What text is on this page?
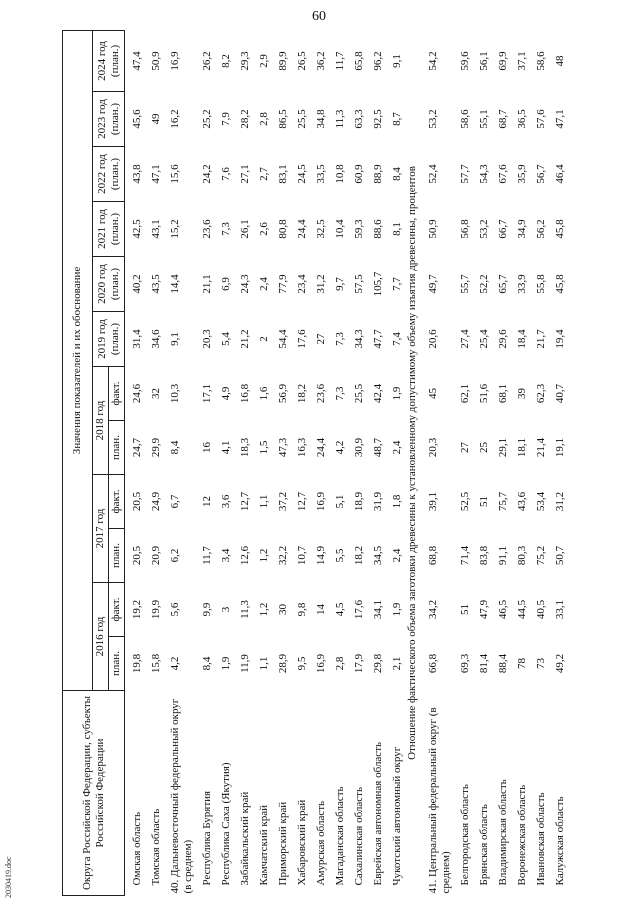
60
2030419.doc	Округа Российской Федерации, субъекты Российской Федерации	Значения показателей и их обоснование											
	2016 год		2017 год		2018 год		2019 год (план.)	2020 год (план.)	2021 год (план.)	2022 год (план.)	2023 год (план.)	2024 год (план.)
	план.	факт.	план.	факт.	план.	факт.						
Омская область	19,8	19,2	20,5	20,5	24,7	24,6	31,4	40,2	42,5	43,8	45,6	47,4
Томская область	15,8	19,9	20,9	24,9	29,9	32	34,6	43,5	43,1	47,1	49	50,9
40. Дальневосточный федеральный округ (в среднем)	4,2	5,6	6,2	6,7	8,4	10,3	9,1	14,4	15,2	15,6	16,2	16,9
Республика Бурятия	8,4	9,9	11,7	12	16	17,1	20,3	21,1	23,6	24,2	25,2	26,2
Республика Саха (Якутия)	1,9	3	3,4	3,6	4,1	4,9	5,4	6,9	7,3	7,6	7,9	8,2
Забайкальский край	11,9	11,3	12,6	12,7	18,3	16,8	21,2	24,3	26,1	27,1	28,2	29,3
Камчатский край	1,1	1,2	1,2	1,1	1,5	1,6	2	2,4	2,6	2,7	2,8	2,9
Приморский край	28,9	30	32,2	37,2	47,3	56,9	54,4	77,9	80,8	83,1	86,5	89,9
Хабаровский край	9,5	9,8	10,7	12,7	16,3	18,2	17,6	23,4	24,4	24,5	25,5	26,5
Амурская область	16,9	14	14,9	16,9	24,4	23,6	27	31,2	32,5	33,5	34,8	36,2
Магаданская область	2,8	4,5	5,5	5,1	4,2	7,3	7,3	9,7	10,4	10,8	11,3	11,7
Сахалинская область	17,9	17,6	18,2	18,9	30,9	25,5	34,3	57,5	59,3	60,9	63,3	65,8
Еврейская автономная область	29,8	34,1	34,5	31,9	48,7	42,4	47,7	105,7	88,6	88,9	92,5	96,2
Чукотский автономный округ	2,1	1,9	2,4	1,8	2,4	1,9	7,4	7,7	8,1	8,4	8,7	9,1
Отношение фактического объема заготовки древесины к установленному допустимому объему изъятия древесины, процентов												
41. Центральный федеральный округ (в среднем)	66,8	34,2	68,8	39,1	20,3	45	20,6	49,7	50,9	52,4	53,2	54,2
Белгородская область	69,3	51	71,4	52,5	27	62,1	27,4	55,7	56,8	57,7	58,6	59,6
Брянская область	81,4	47,9	83,8	51	25	51,6	25,4	52,2	53,2	54,3	55,1	56,1
Владимирская область	88,4	46,5	91,1	75,7	29,1	68,1	29,6	65,7	66,7	67,6	68,7	69,9
Воронежская область	78	44,5	80,3	43,6	18,1	39	18,4	33,9	34,9	35,9	36,5	37,1
Ивановская область	73	40,5	75,2	53,4	21,4	62,3	21,7	55,8	56,2	56,7	57,6	58,6
Калужская область	49,2	33,1	50,7	31,2	19,1	40,7	19,4	45,8	45,8	46,4	47,1	48
